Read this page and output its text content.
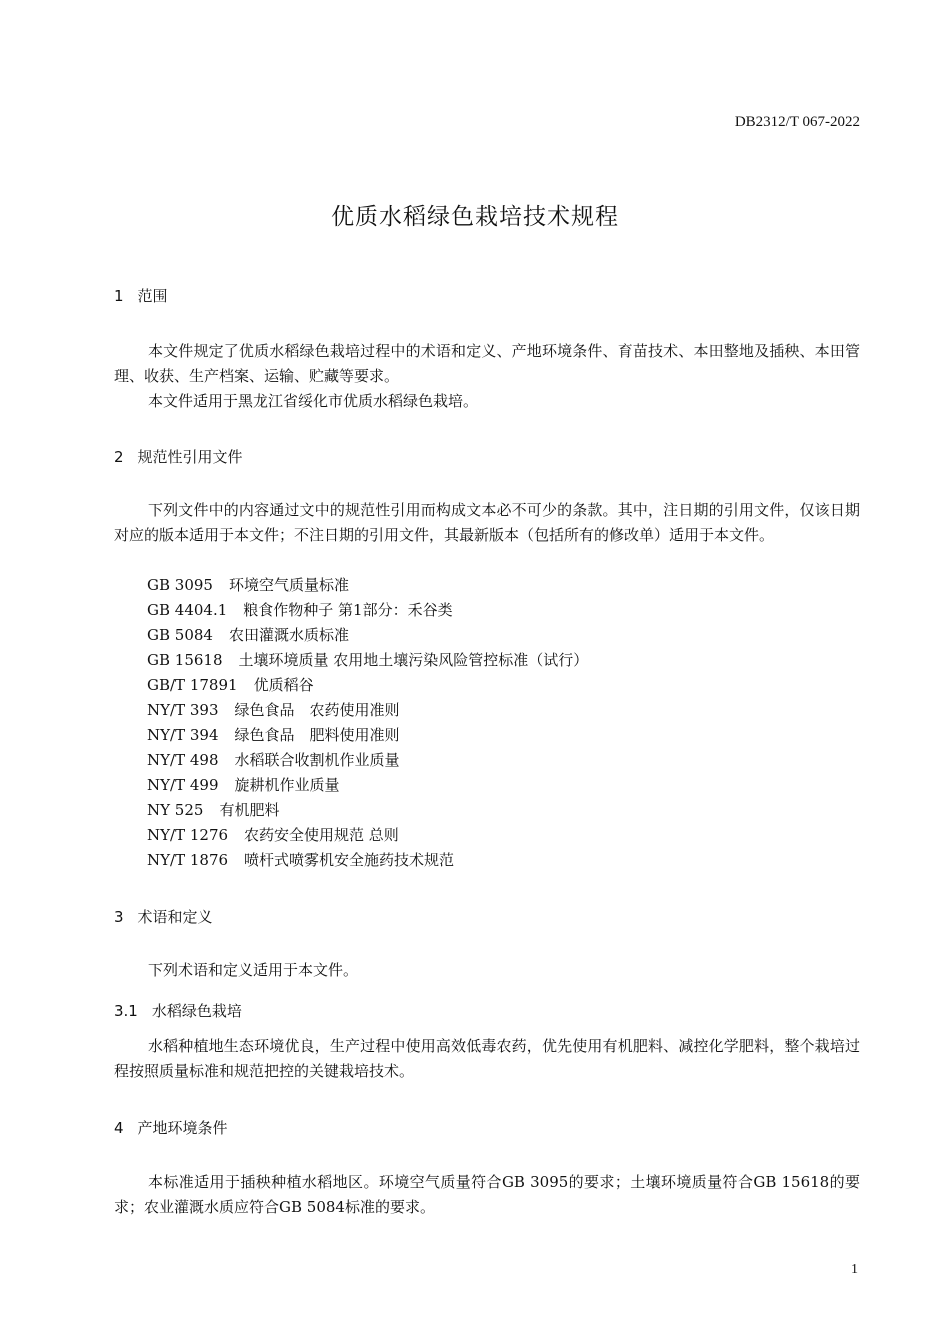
DB2312/T 067-2022
优质水稻绿色栽培技术规程
1 范围
本文件规定了优质水稻绿色栽培过程中的术语和定义、产地环境条件、育苗技术、本田整地及插秧、本田管理、收获、生产档案、运输、贮藏等要求。
本文件适用于黑龙江省绥化市优质水稻绿色栽培。
2 规范性引用文件
下列文件中的内容通过文中的规范性引用而构成文本必不可少的条款。其中，注日期的引用文件，仅该日期对应的版本适用于本文件；不注日期的引用文件，其最新版本（包括所有的修改单）适用于本文件。
GB 3095 环境空气质量标准
GB 4404.1 粮食作物种子 第1部分：禾谷类
GB 5084 农田灌溉水质标准
GB 15618 土壤环境质量 农用地土壤污染风险管控标准（试行）
GB/T 17891 优质稻谷
NY/T 393 绿色食品　农药使用准则
NY/T 394 绿色食品　肥料使用准则
NY/T 498 水稻联合收割机作业质量
NY/T 499 旋耕机作业质量
NY 525 有机肥料
NY/T 1276 农药安全使用规范 总则
NY/T 1876 喷杆式喷雾机安全施药技术规范
3 术语和定义
下列术语和定义适用于本文件。
3.1 水稻绿色栽培
水稻种植地生态环境优良，生产过程中使用高效低毒农药，优先使用有机肥料、减控化学肥料，整个栽培过程按照质量标准和规范把控的关键栽培技术。
4 产地环境条件
本标准适用于插秧种植水稻地区。环境空气质量符合GB 3095的要求；土壤环境质量符合GB 15618的要求；农业灌溉水质应符合GB 5084标准的要求。
1
